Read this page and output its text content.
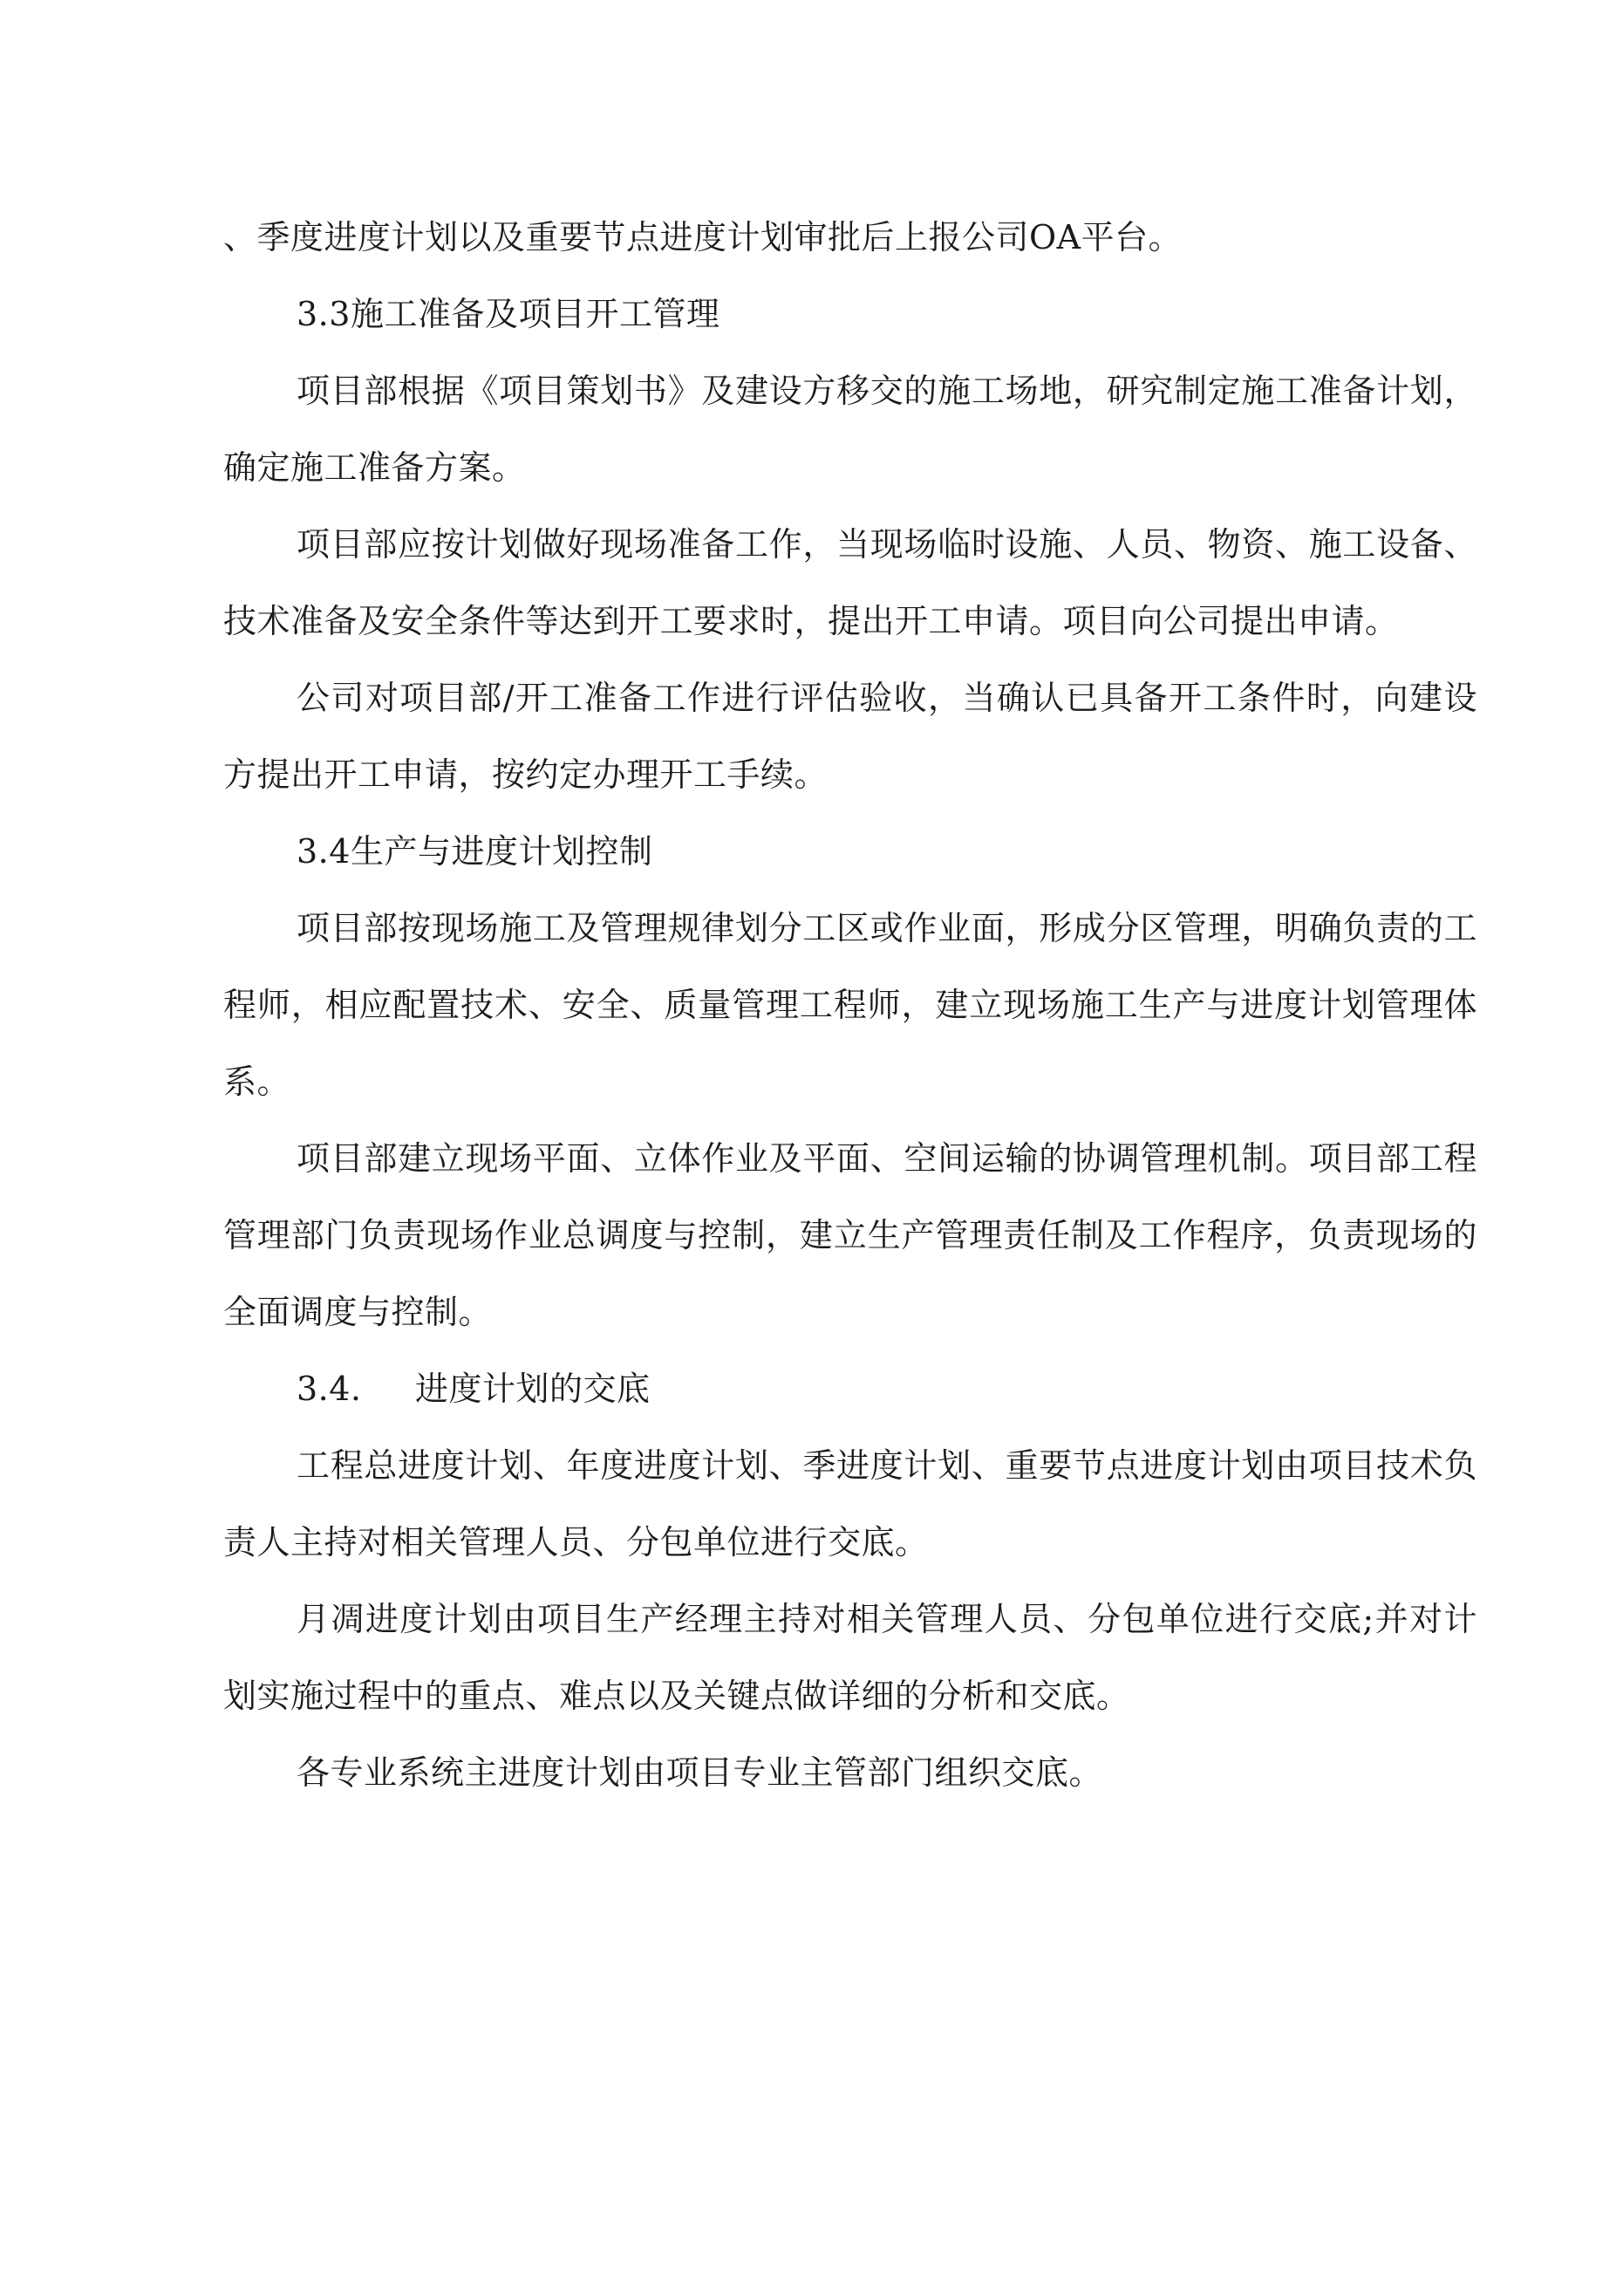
、季度进度计划以及重要节点进度计划审批后上报公司OA平台。

3.3施工准备及项目开工管理

项目部根据《项目策划书》及建设方移交的施工场地，研究制定施工准备计划，确定施工准备方案。

项目部应按计划做好现场准备工作，当现场临时设施、人员、物资、施工设备、技术准备及安全条件等达到开工要求时，提出开工申请。项目向公司提出申请。

公司对项目部/开工准备工作进行评估验收，当确认已具备开工条件时，向建设方提出开工申请，按约定办理开工手续。

3.4生产与进度计划控制

项目部按现场施工及管理规律划分工区或作业面，形成分区管理，明确负责的工程师，相应配置技术、安全、质量管理工程师，建立现场施工生产与进度计划管理体系。

项目部建立现场平面、立体作业及平面、空间运输的协调管理机制。项目部工程管理部门负责现场作业总调度与控制，建立生产管理责任制及工作程序，负责现场的全面调度与控制。

3.4. 进度计划的交底

工程总进度计划、年度进度计划、季进度计划、重要节点进度计划由项目技术负责人主持对相关管理人员、分包单位进行交底。

月凋进度计划由项目生产经理主持对相关管理人员、分包单位进行交底;并对计划实施过程中的重点、难点以及关键点做详细的分析和交底。

各专业系统主进度计划由项目专业主管部门组织交底。
